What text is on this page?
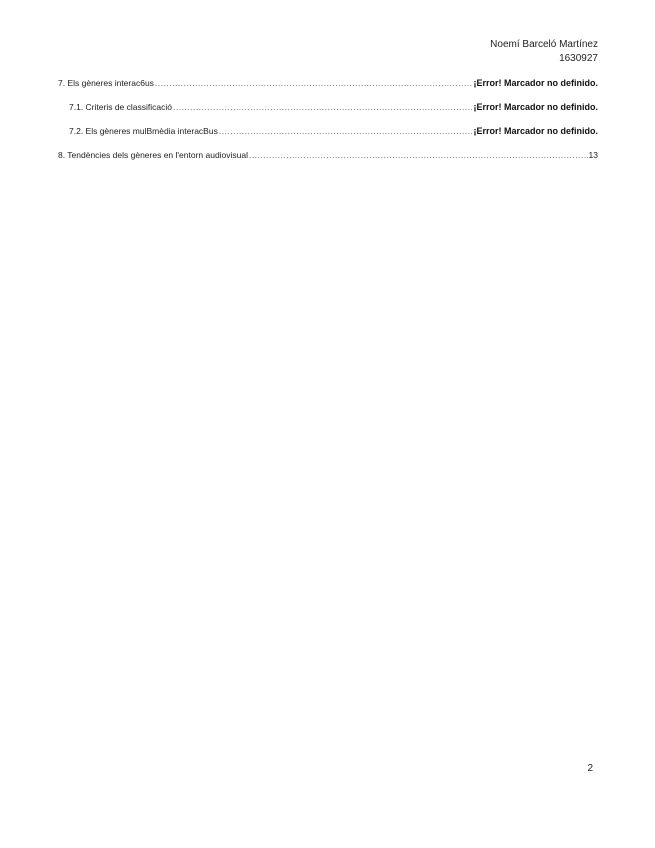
Noemí Barceló Martínez
1630927
7. Els gèneres interac6us .....	¡Error! Marcador no definido.
7.1. Criteris de classificació .....	¡Error! Marcador no definido.
7.2. Els gèneres mulBmèdia interacBus .....	¡Error! Marcador no definido.
8. Tendències dels gèneres en l'entorn audiovisual .....	13
2
